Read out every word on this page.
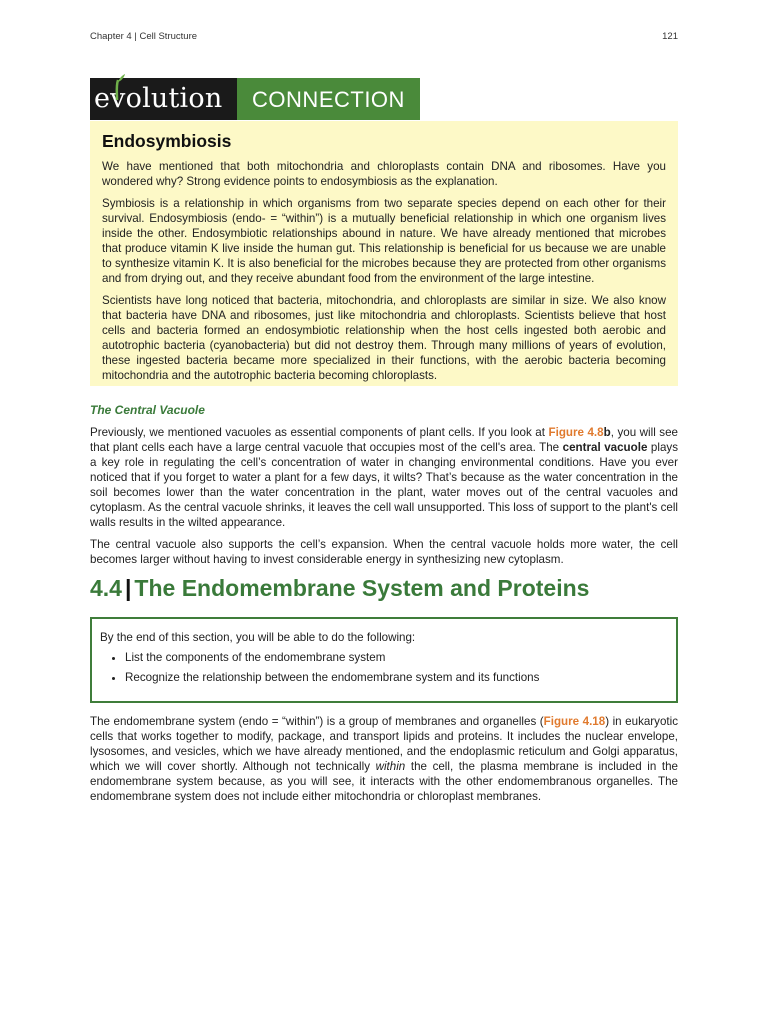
Chapter 4 | Cell Structure	121
evolution	CONNECTION
Endosymbiosis

We have mentioned that both mitochondria and chloroplasts contain DNA and ribosomes. Have you wondered why? Strong evidence points to endosymbiosis as the explanation.

Symbiosis is a relationship in which organisms from two separate species depend on each other for their survival. Endosymbiosis (endo- = “within”) is a mutually beneficial relationship in which one organism lives inside the other. Endosymbiotic relationships abound in nature. We have already mentioned that microbes that produce vitamin K live inside the human gut. This relationship is beneficial for us because we are unable to synthesize vitamin K. It is also beneficial for the microbes because they are protected from other organisms and from drying out, and they receive abundant food from the environment of the large intestine.

Scientists have long noticed that bacteria, mitochondria, and chloroplasts are similar in size. We also know that bacteria have DNA and ribosomes, just like mitochondria and chloroplasts. Scientists believe that host cells and bacteria formed an endosymbiotic relationship when the host cells ingested both aerobic and autotrophic bacteria (cyanobacteria) but did not destroy them. Through many millions of years of evolution, these ingested bacteria became more specialized in their functions, with the aerobic bacteria becoming mitochondria and the autotrophic bacteria becoming chloroplasts.

The Central Vacuole

Previously, we mentioned vacuoles as essential components of plant cells. If you look at Figure 4.8b, you will see that plant cells each have a large central vacuole that occupies most of the cell's area. The central vacuole plays a key role in regulating the cell’s concentration of water in changing environmental conditions. Have you ever noticed that if you forget to water a plant for a few days, it wilts? That’s because as the water concentration in the soil becomes lower than the water concentration in the plant, water moves out of the central vacuoles and cytoplasm. As the central vacuole shrinks, it leaves the cell wall unsupported. This loss of support to the plant's cell walls results in the wilted appearance.

The central vacuole also supports the cell’s expansion. When the central vacuole holds more water, the cell becomes larger without having to invest considerable energy in synthesizing new cytoplasm.

4.4 | The Endomembrane System and Proteins

By the end of this section, you will be able to do the following:

• List the components of the endomembrane system
• Recognize the relationship between the endomembrane system and its functions

The endomembrane system (endo = “within”) is a group of membranes and organelles (Figure 4.18) in eukaryotic cells that works together to modify, package, and transport lipids and proteins. It includes the nuclear envelope, lysosomes, and vesicles, which we have already mentioned, and the endoplasmic reticulum and Golgi apparatus, which we will cover shortly. Although not technically within the cell, the plasma membrane is included in the endomembrane system because, as you will see, it interacts with the other endomembranous organelles. The endomembrane system does not include either mitochondria or chloroplast membranes.
